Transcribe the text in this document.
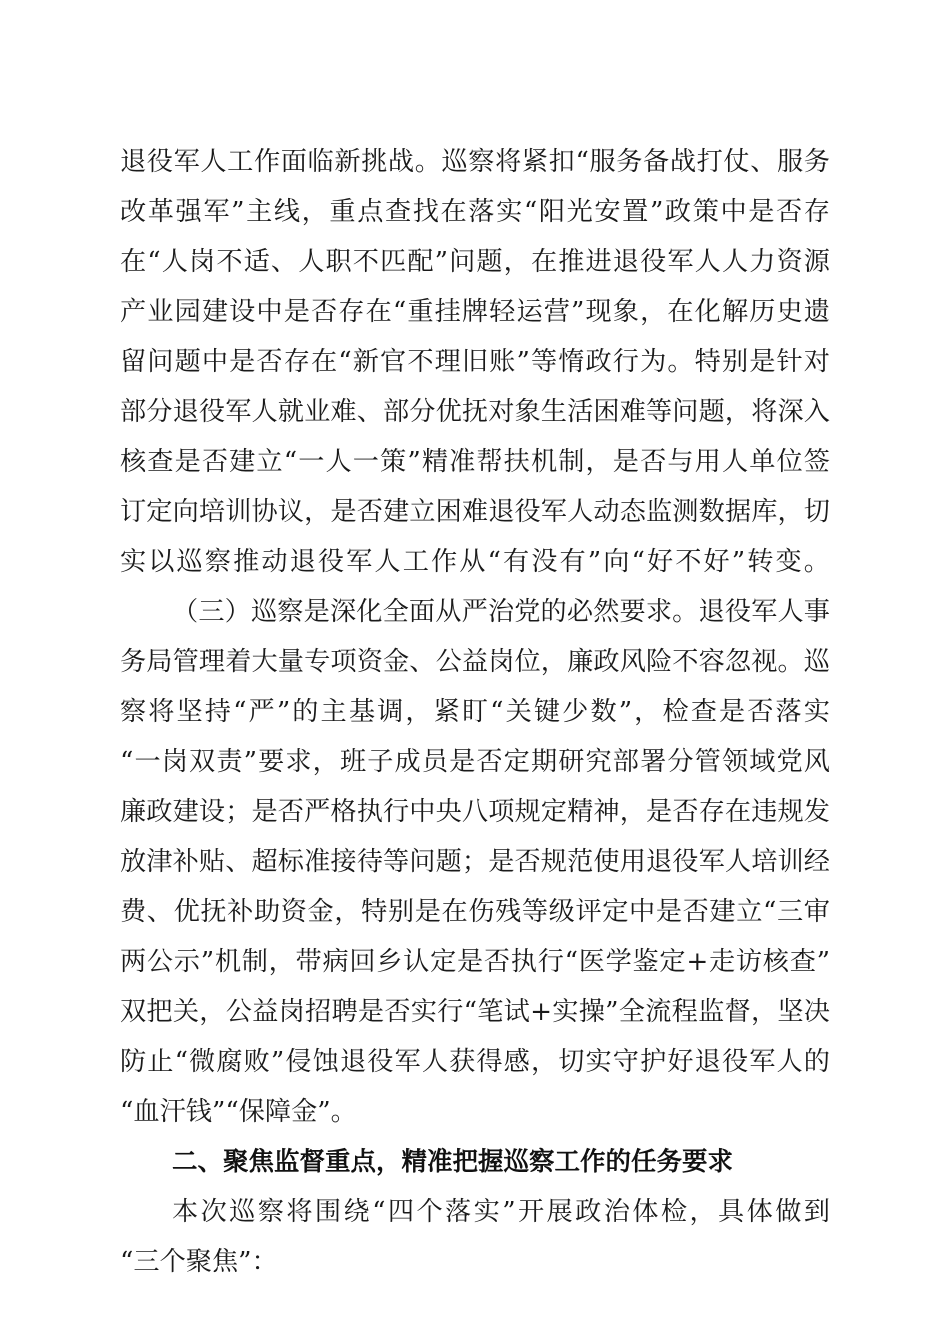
退役军人工作面临新挑战。巡察将紧扣“服务备战打仗、服务
改革强军”主线，重点查找在落实“阳光安置”政策中是否存
在“人岗不适、人职不匹配”问题，在推进退役军人人力资源
产业园建设中是否存在“重挂牌轻运营”现象，在化解历史遗
留问题中是否存在“新官不理旧账”等惰政行为。特别是针对
部分退役军人就业难、部分优抚对象生活困难等问题，将深入
核查是否建立“一人一策”精准帮扶机制，是否与用人单位签
订定向培训协议，是否建立困难退役军人动态监测数据库，切
实以巡察推动退役军人工作从“有没有”向“好不好”转变。
（三）巡察是深化全面从严治党的必然要求。退役军人事
务局管理着大量专项资金、公益岗位，廉政风险不容忽视。巡
察将坚持“严”的主基调，紧盯“关键少数”，检查是否落实
“一岗双责”要求，班子成员是否定期研究部署分管领域党风
廉政建设；是否严格执行中央八项规定精神，是否存在违规发
放津补贴、超标准接待等问题；是否规范使用退役军人培训经
费、优抚补助资金，特别是在伤残等级评定中是否建立“三审
两公示”机制，带病回乡认定是否执行“医学鉴定+走访核查”
双把关，公益岗招聘是否实行“笔试+实操”全流程监督，坚决
防止“微腐败”侵蚀退役军人获得感，切实守护好退役军人的
“血汗钱”“保障金”。
二、聚焦监督重点，精准把握巡察工作的任务要求
本次巡察将围绕“四个落实”开展政治体检，具体做到
“三个聚焦”：
